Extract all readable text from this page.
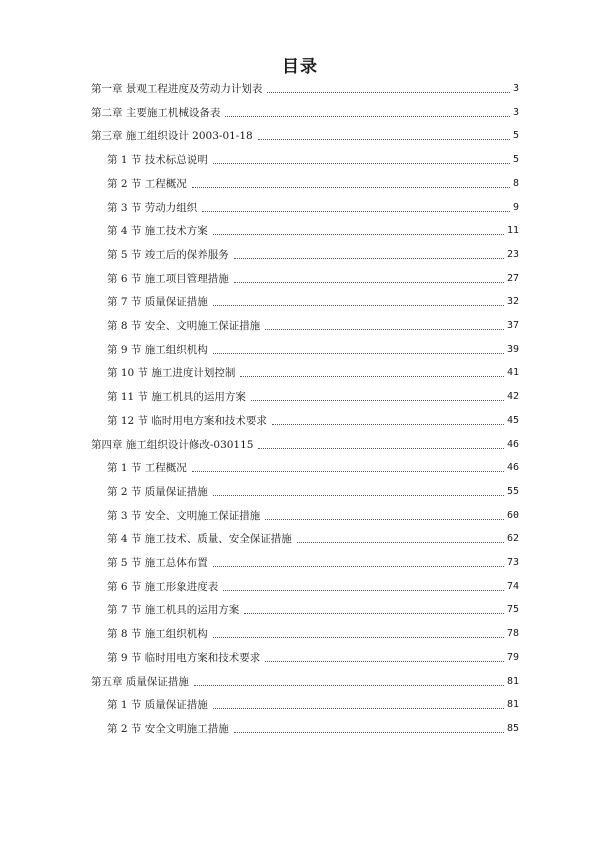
目录
第一章 景观工程进度及劳动力计划表	3
第二章 主要施工机械设备表	3
第三章 施工组织设计 2003-01-18	5
第 1 节 技术标总说明	5
第 2 节 工程概况	8
第 3 节 劳动力组织	9
第 4 节 施工技术方案	11
第 5 节 竣工后的保养服务	23
第 6 节 施工项目管理措施	27
第 7 节 质量保证措施	32
第 8 节 安全、文明施工保证措施	37
第 9 节 施工组织机构	39
第 10 节 施工进度计划控制	41
第 11 节 施工机具的运用方案	42
第 12 节 临时用电方案和技术要求	45
第四章 施工组织设计修改-030115	46
第 1 节 工程概况	46
第 2 节 质量保证措施	55
第 3 节 安全、文明施工保证措施	60
第 4 节 施工技术、质量、安全保证措施	62
第 5 节 施工总体布置	73
第 6 节 施工形象进度表	74
第 7 节 施工机具的运用方案	75
第 8 节 施工组织机构	78
第 9 节 临时用电方案和技术要求	79
第五章 质量保证措施	81
第 1 节 质量保证措施	81
第 2 节 安全文明施工措施	85
